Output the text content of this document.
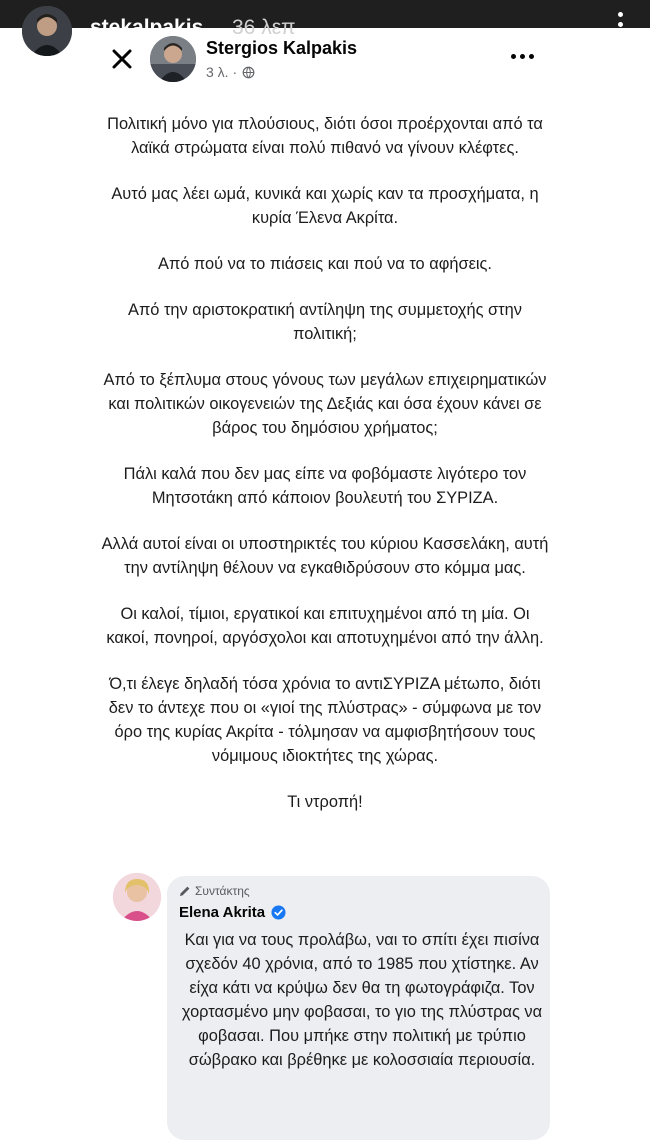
Stergios Kalpakis
3 λ. ·

Πολιτική μόνο για πλούσιους, διότι όσοι προέρχονται από τα λαϊκά στρώματα είναι πολύ πιθανό να γίνουν κλέφτες.

Αυτό μας λέει ωμά, κυνικά και χωρίς καν τα προσχήματα, η κυρία Έλενα Ακρίτα.

Από πού να το πιάσεις και πού να το αφήσεις.

Από την αριστοκρατική αντίληψη της συμμετοχής στην πολιτική;

Από το ξέπλυμα στους γόνους των μεγάλων επιχειρηματικών και πολιτικών οικογενειών της Δεξιάς και όσα έχουν κάνει σε βάρος του δημόσιου χρήματος;

Πάλι καλά που δεν μας είπε να φοβόμαστε λιγότερο τον Μητσοτάκη από κάποιον βουλευτή του ΣΥΡΙΖΑ.

Αλλά αυτοί είναι οι υποστηρικτές του κύριου Κασσελάκη, αυτή την αντίληψη θέλουν να εγκαθιδρύσουν στο κόμμα μας.

Οι καλοί, τίμιοι, εργατικοί και επιτυχημένοι από τη μία. Οι κακοί, πονηροί, αργόσχολοι και αποτυχημένοι από την άλλη.

Ό,τι έλεγε δηλαδή τόσα χρόνια το αντιΣΥΡΙΖΑ μέτωπο, διότι δεν το άντεχε που οι «γιοί της πλύστρας» - σύμφωνα με τον όρο της κυρίας Ακρίτα - τόλμησαν να αμφισβητήσουν τους νόμιμους ιδιοκτήτες της χώρας.

Τι ντροπή!

Συντάκτης
Elena Akrita
Και για να τους προλάβω, ναι το σπίτι έχει πισίνα σχεδόν 40 χρόνια, από το 1985 που χτίστηκε. Αν είχα κάτι να κρύψω δεν θα τη φωτογράφιζα. Τον χορτασμένο μην φοβασαι, το γιο της πλύστρας να φοβασαι. Που μπήκε στην πολιτική με τρύπιο σώβρακο και βρέθηκε με κολοσσιαία περιουσία.
stekalpakis 36 λεπ
